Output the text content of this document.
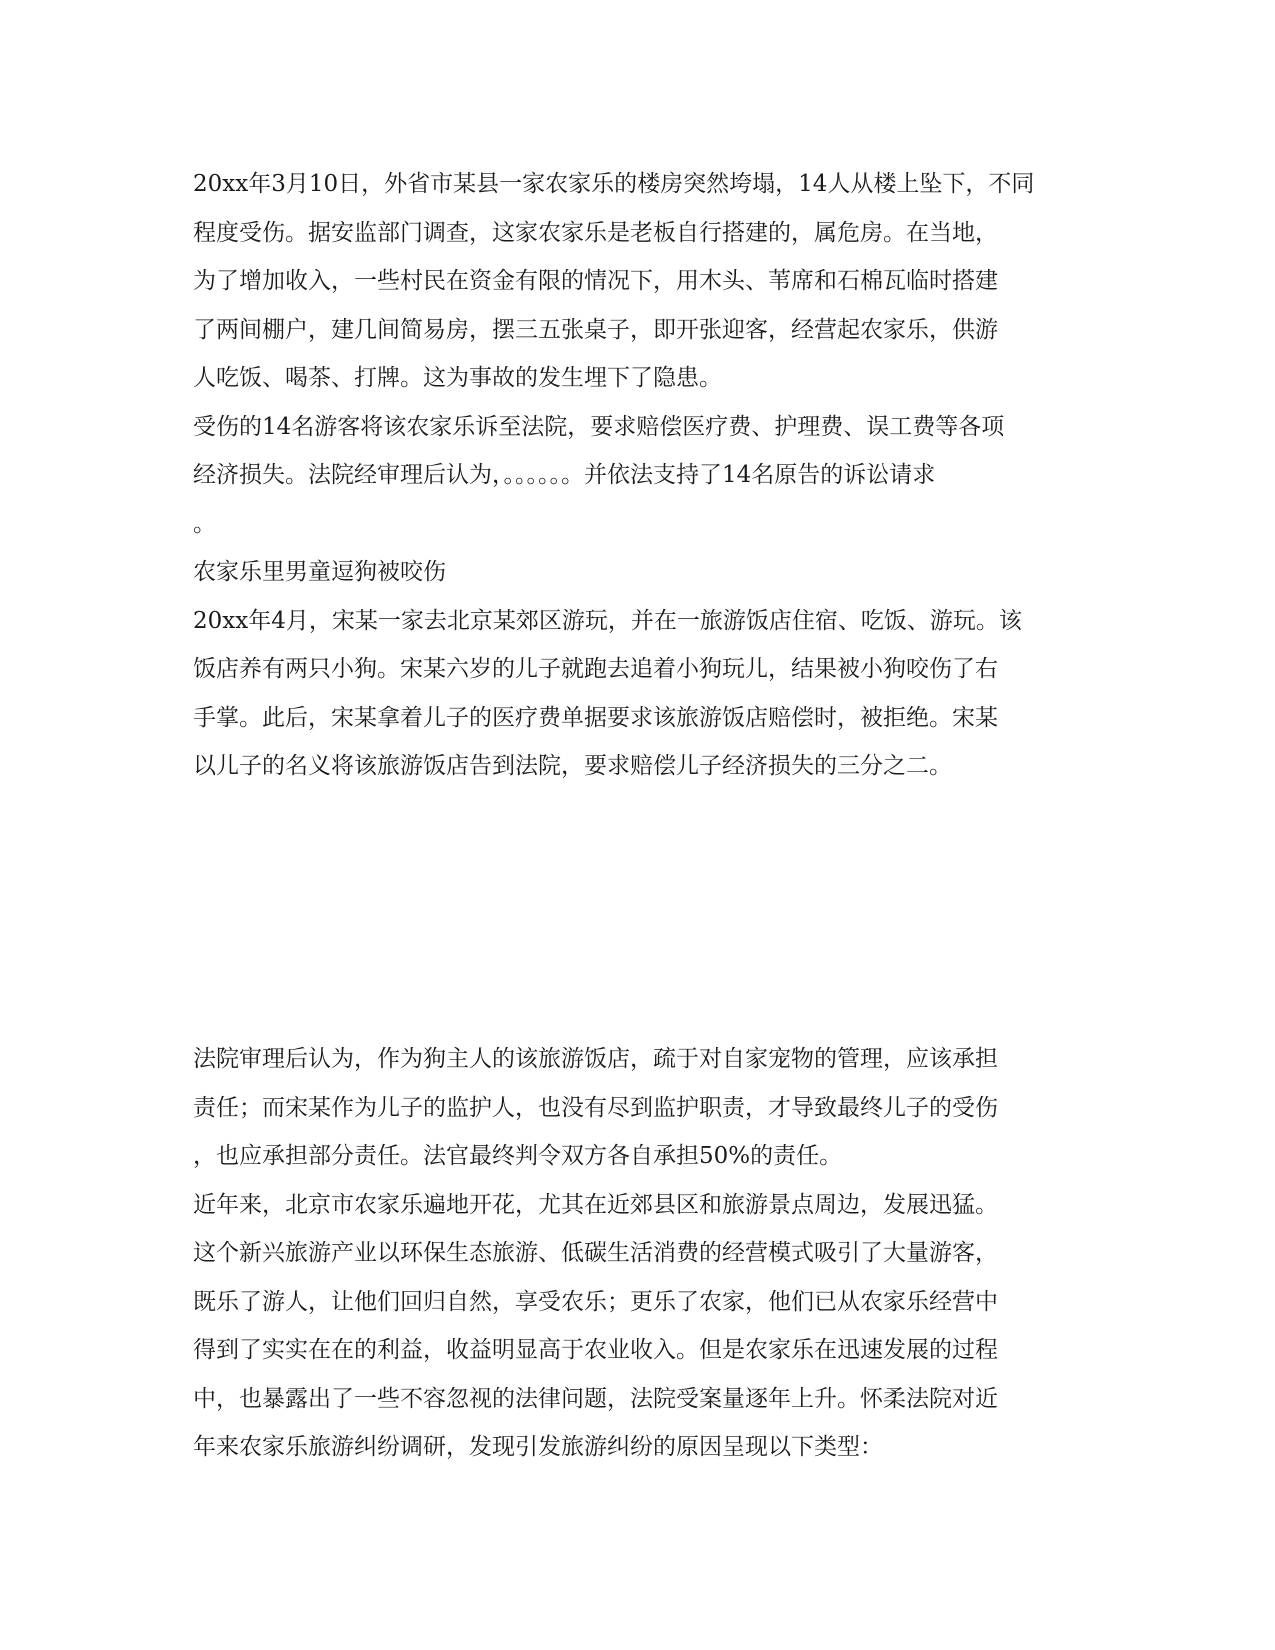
20xx年3月10日，外省市某县一家农家乐的楼房突然垮塌，14人从楼上坠下，不同

程度受伤。据安监部门调查，这家农家乐是老板自行搭建的，属危房。在当地，

为了增加收入，一些村民在资金有限的情况下，用木头、苇席和石棉瓦临时搭建

了两间棚户，建几间简易房，摆三五张桌子，即开张迎客，经营起农家乐，供游

人吃饭、喝茶、打牌。这为事故的发生埋下了隐患。

受伤的14名游客将该农家乐诉至法院，要求赔偿医疗费、护理费、误工费等各项

经济损失。法院经审理后认为，。。。。。。并依法支持了14名原告的诉讼请求

。

农家乐里男童逗狗被咬伤

20xx年4月，宋某一家去北京某郊区游玩，并在一旅游饭店住宿、吃饭、游玩。该

饭店养有两只小狗。宋某六岁的儿子就跑去追着小狗玩儿，结果被小狗咬伤了右

手掌。此后，宋某拿着儿子的医疗费单据要求该旅游饭店赔偿时，被拒绝。宋某

以儿子的名义将该旅游饭店告到法院，要求赔偿儿子经济损失的三分之二。

法院审理后认为，作为狗主人的该旅游饭店，疏于对自家宠物的管理，应该承担

责任；而宋某作为儿子的监护人，也没有尽到监护职责，才导致最终儿子的受伤

，也应承担部分责任。法官最终判令双方各自承担50%的责任。

近年来，北京市农家乐遍地开花，尤其在近郊县区和旅游景点周边，发展迅猛。

这个新兴旅游产业以环保生态旅游、低碳生活消费的经营模式吸引了大量游客，

既乐了游人，让他们回归自然，享受农乐；更乐了农家，他们已从农家乐经营中

得到了实实在在的利益，收益明显高于农业收入。但是农家乐在迅速发展的过程

中，也暴露出了一些不容忽视的法律问题，法院受案量逐年上升。怀柔法院对近

年来农家乐旅游纠纷调研，发现引发旅游纠纷的原因呈现以下类型：
